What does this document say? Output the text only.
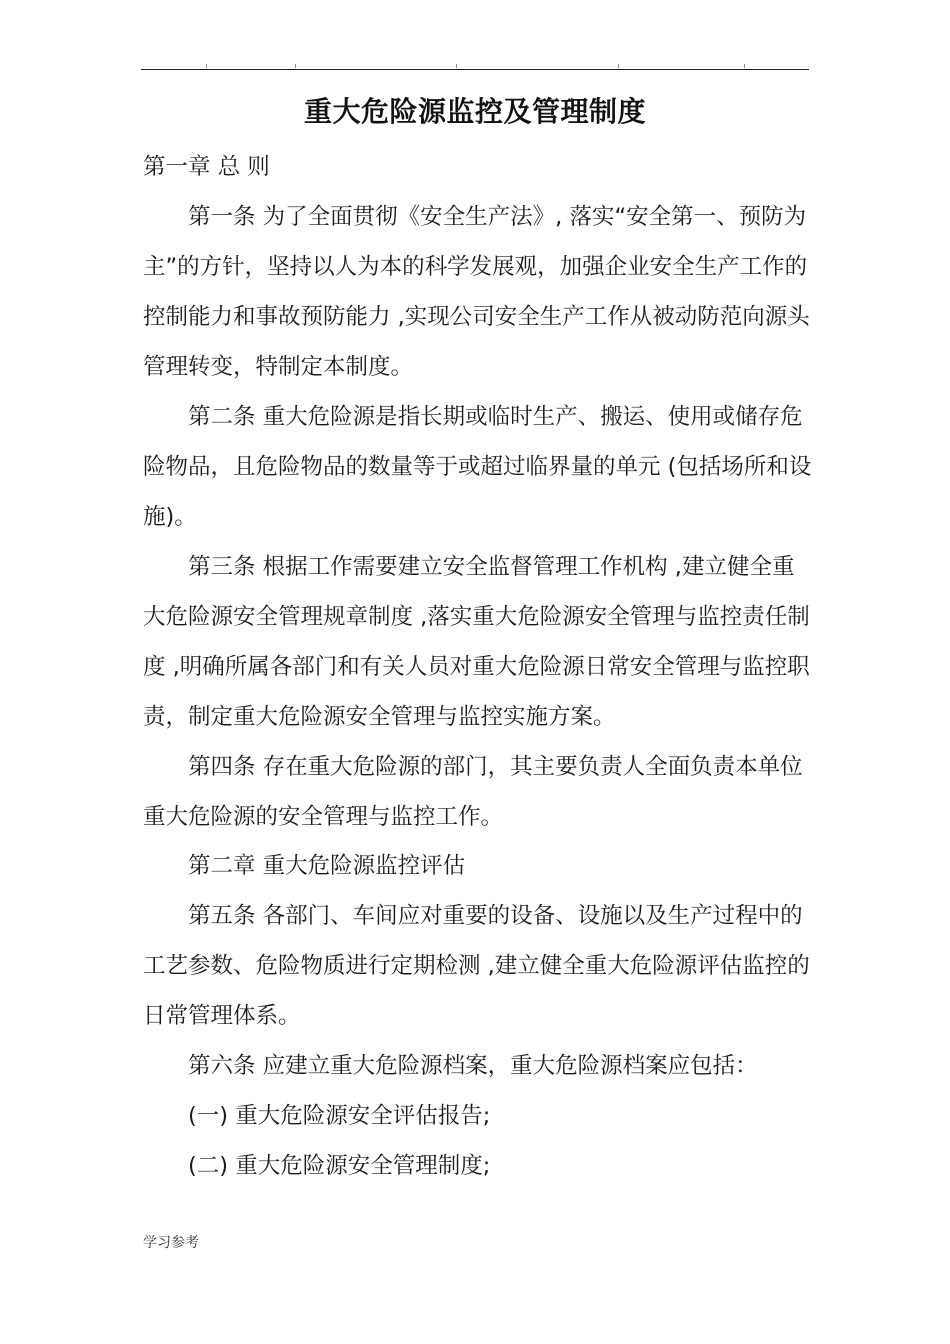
重大危险源监控及管理制度
第一章 总 则
第一条 为了全面贯彻《安全生产法》, 落实“安全第一、预防为
主”的方针，坚持以人为本的科学发展观，加强企业安全生产工作的
控制能力和事故预防能力 ,实现公司安全生产工作从被动防范向源头
管理转变，特制定本制度。
第二条 重大危险源是指长期或临时生产、搬运、使用或储存危
险物品，且危险物品的数量等于或超过临界量的单元 (包括场所和设
施)。
第三条 根据工作需要建立安全监督管理工作机构 ,建立健全重
大危险源安全管理规章制度 ,落实重大危险源安全管理与监控责任制
度 ,明确所属各部门和有关人员对重大危险源日常安全管理与监控职
责，制定重大危险源安全管理与监控实施方案。
第四条 存在重大危险源的部门，其主要负责人全面负责本单位
重大危险源的安全管理与监控工作。
第二章 重大危险源监控评估
第五条 各部门、车间应对重要的设备、设施以及生产过程中的
工艺参数、危险物质进行定期检测 ,建立健全重大危险源评估监控的
日常管理体系。
第六条 应建立重大危险源档案，重大危险源档案应包括：
(一) 重大危险源安全评估报告;
(二) 重大危险源安全管理制度;
学习参考
